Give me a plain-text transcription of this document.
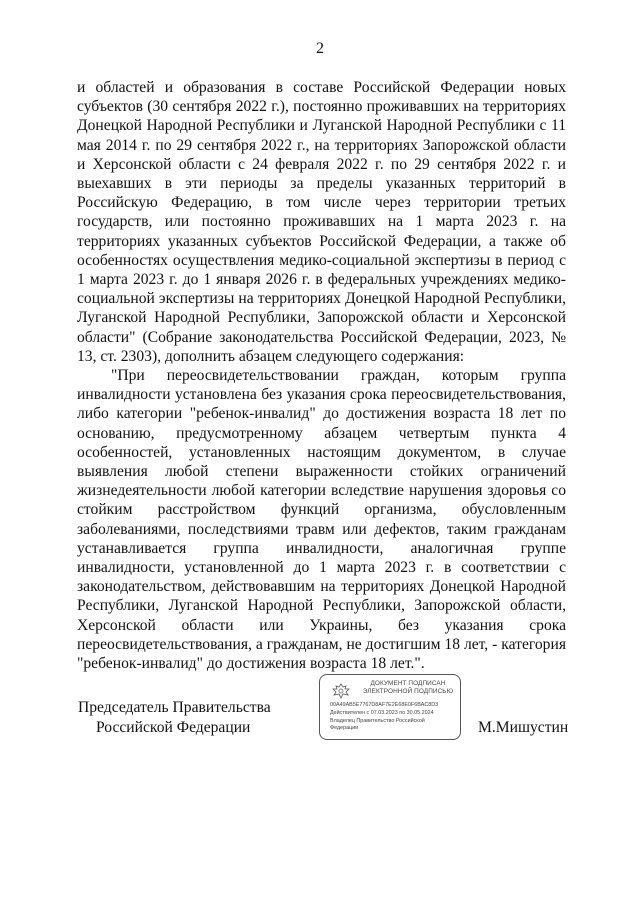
2

и областей и образования в составе Российской Федерации новых субъектов (30 сентября 2022 г.), постоянно проживавших на территориях Донецкой Народной Республики и Луганской Народной Республики с 11 мая 2014 г. по 29 сентября 2022 г., на территориях Запорожской области и Херсонской области с 24 февраля 2022 г. по 29 сентября 2022 г. и выехавших в эти периоды за пределы указанных территорий в Российскую Федерацию, в том числе через территории третьих государств, или постоянно проживавших на 1 марта 2023 г. на территориях указанных субъектов Российской Федерации, а также об особенностях осуществления медико-социальной экспертизы в период с 1 марта 2023 г. до 1 января 2026 г. в федеральных учреждениях медико-социальной экспертизы на территориях Донецкой Народной Республики, Луганской Народной Республики, Запорожской области и Херсонской области" (Собрание законодательства Российской Федерации, 2023, № 13, ст. 2303), дополнить абзацем следующего содержания:

"При переосвидетельствовании граждан, которым группа инвалидности установлена без указания срока переосвидетельствования, либо категории "ребенок-инвалид" до достижения возраста 18 лет по основанию, предусмотренному абзацем четвертым пункта 4 особенностей, установленных настоящим документом, в случае выявления любой степени выраженности стойких ограничений жизнедеятельности любой категории вследствие нарушения здоровья со стойким расстройством функций организма, обусловленным заболеваниями, последствиями травм или дефектов, таким гражданам устанавливается группа инвалидности, аналогичная группе инвалидности, установленной до 1 марта 2023 г. в соответствии с законодательством, действовавшим на территориях Донецкой Народной Республики, Луганской Народной Республики, Запорожской области, Херсонской области или Украины, без указания срока переосвидетельствования, а гражданам, не достигшим 18 лет, - категория "ребенок-инвалид" до достижения возраста 18 лет.".

Председатель Правительства
Российской Федерации
ДОКУМЕНТ ПОДПИСАН
ЭЛЕКТРОННОЙ ПОДПИСЬЮ
00A49AB5E7767D8AF7E2E68E0F6BAC8D3
Действителен с 07.03.2023 по 30.05.2024
Владелец Правительство Российской
Федерации	М.Мишустин
